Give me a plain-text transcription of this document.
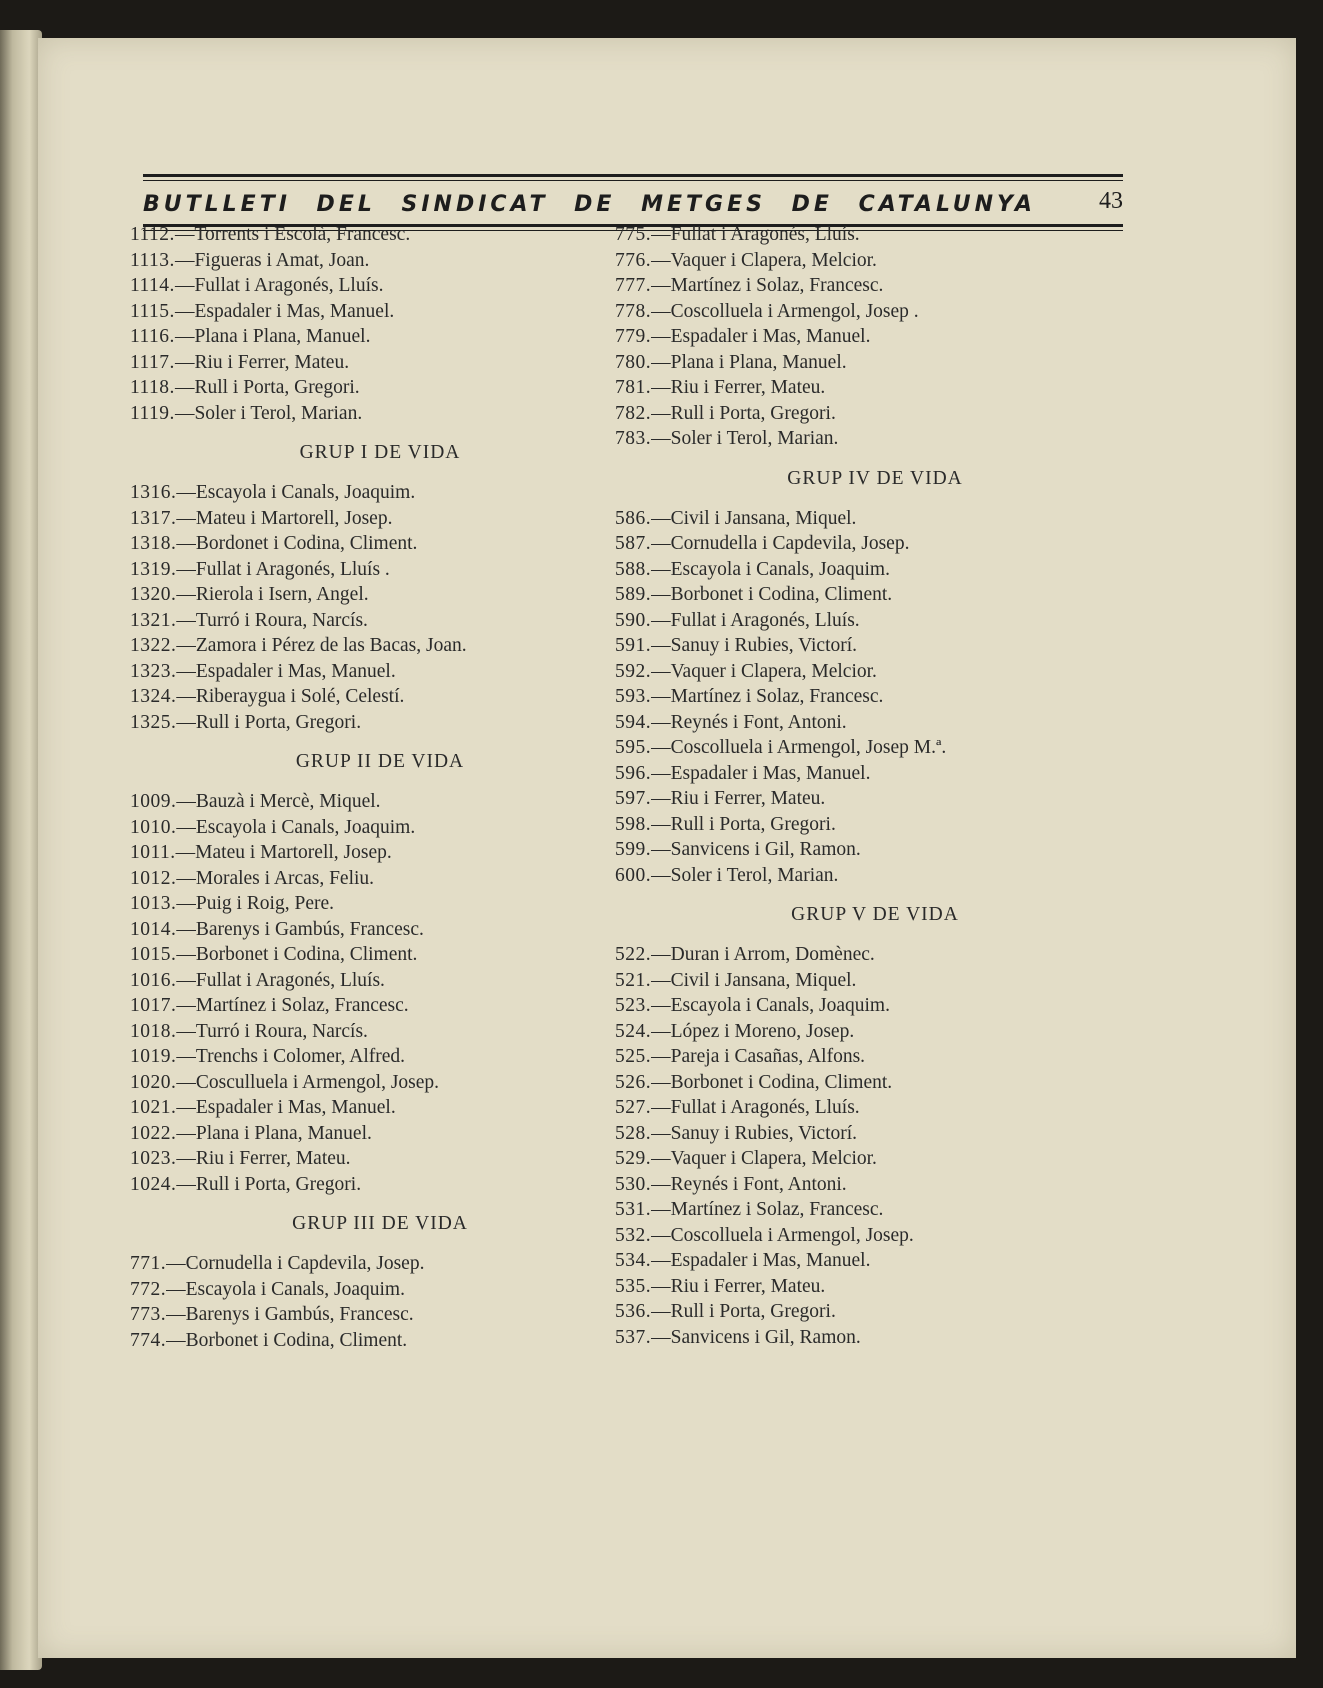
BUTLLETI DEL SINDICAT DE METGES DE CATALUNYA	43
1112.—Torrents i Escolà, Francesc.
1113.—Figueras i Amat, Joan.
1114.—Fullat i Aragonés, Lluís.
1115.—Espadaler i Mas, Manuel.
1116.—Plana i Plana, Manuel.
1117.—Riu i Ferrer, Mateu.
1118.—Rull i Porta, Gregori.
1119.—Soler i Terol, Marian.
GRUP I DE VIDA
1316.—Escayola i Canals, Joaquim.
1317.—Mateu i Martorell, Josep.
1318.—Bordonet i Codina, Climent.
1319.—Fullat i Aragonés, Lluís .
1320.—Rierola i Isern, Angel.
1321.—Turró i Roura, Narcís.
1322.—Zamora i Pérez de las Bacas, Joan.
1323.—Espadaler i Mas, Manuel.
1324.—Riberaygua i Solé, Celestí.
1325.—Rull i Porta, Gregori.
GRUP II DE VIDA
1009.—Bauzà i Mercè, Miquel.
1010.—Escayola i Canals, Joaquim.
1011.—Mateu i Martorell, Josep.
1012.—Morales i Arcas, Feliu.
1013.—Puig i Roig, Pere.
1014.—Barenys i Gambús, Francesc.
1015.—Borbonet i Codina, Climent.
1016.—Fullat i Aragonés, Lluís.
1017.—Martínez i Solaz, Francesc.
1018.—Turró i Roura, Narcís.
1019.—Trenchs i Colomer, Alfred.
1020.—Cosculluela i Armengol, Josep.
1021.—Espadaler i Mas, Manuel.
1022.—Plana i Plana, Manuel.
1023.—Riu i Ferrer, Mateu.
1024.—Rull i Porta, Gregori.
GRUP III DE VIDA
771.—Cornudella i Capdevila, Josep.
772.—Escayola i Canals, Joaquim.
773.—Barenys i Gambús, Francesc.
774.—Borbonet i Codina, Climent.
775.—Fullat i Aragonés, Lluís.
776.—Vaquer i Clapera, Melcior.
777.—Martínez i Solaz, Francesc.
778.—Coscolluela i Armengol, Josep .
779.—Espadaler i Mas, Manuel.
780.—Plana i Plana, Manuel.
781.—Riu i Ferrer, Mateu.
782.—Rull i Porta, Gregori.
783.—Soler i Terol, Marian.
GRUP IV DE VIDA
586.—Civil i Jansana, Miquel.
587.—Cornudella i Capdevila, Josep.
588.—Escayola i Canals, Joaquim.
589.—Borbonet i Codina, Climent.
590.—Fullat i Aragonés, Lluís.
591.—Sanuy i Rubies, Victorí.
592.—Vaquer i Clapera, Melcior.
593.—Martínez i Solaz, Francesc.
594.—Reynés i Font, Antoni.
595.—Coscolluela i Armengol, Josep M.ª.
596.—Espadaler i Mas, Manuel.
597.—Riu i Ferrer, Mateu.
598.—Rull i Porta, Gregori.
599.—Sanvicens i Gil, Ramon.
600.—Soler i Terol, Marian.
GRUP V DE VIDA
522.—Duran i Arrom, Domènec.
521.—Civil i Jansana, Miquel.
523.—Escayola i Canals, Joaquim.
524.—López i Moreno, Josep.
525.—Pareja i Casañas, Alfons.
526.—Borbonet i Codina, Climent.
527.—Fullat i Aragonés, Lluís.
528.—Sanuy i Rubies, Victorí.
529.—Vaquer i Clapera, Melcior.
530.—Reynés i Font, Antoni.
531.—Martínez i Solaz, Francesc.
532.—Coscolluela i Armengol, Josep.
534.—Espadaler i Mas, Manuel.
535.—Riu i Ferrer, Mateu.
536.—Rull i Porta, Gregori.
537.—Sanvicens i Gil, Ramon.
